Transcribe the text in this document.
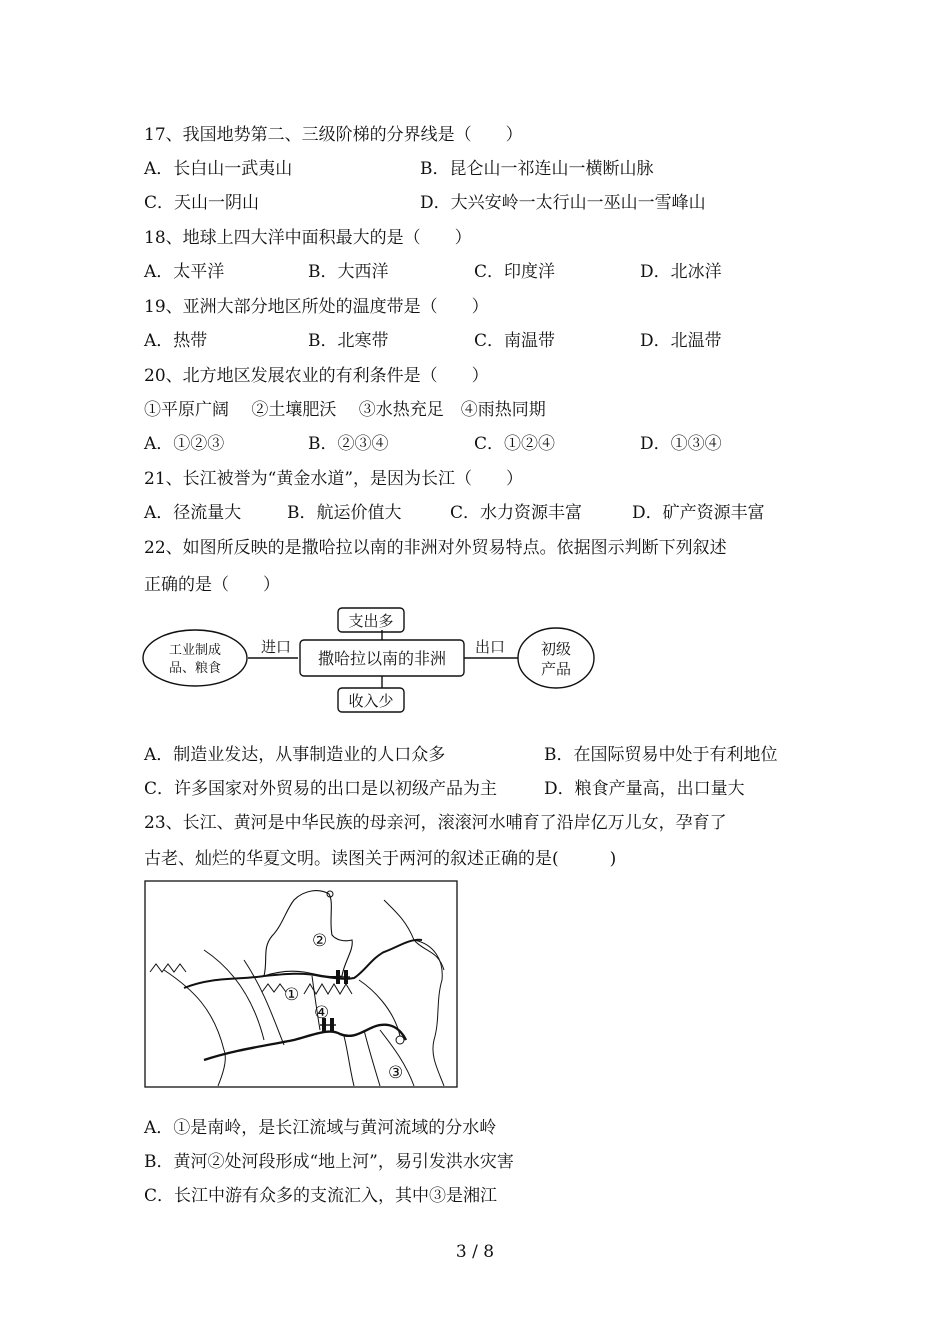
17、我国地势第二、三级阶梯的分界线是（　　）
A．长白山一武夷山	B．昆仑山一祁连山一横断山脉
C．天山一阴山	D．大兴安岭一太行山一巫山一雪峰山
18、地球上四大洋中面积最大的是（　　）
A．太平洋	B．大西洋	C．印度洋	D．北冰洋
19、亚洲大部分地区所处的温度带是（　　）
A．热带	B．北寒带	C．南温带	D．北温带
20、北方地区发展农业的有利条件是（　　）
①平原广阔　 ②土壤肥沃　 ③水热充足　④雨热同期
A．①②③	B．②③④	C．①②④	D．①③④
21、长江被誉为“黄金水道”，是因为长江（　　）
A．径流量大	B．航运价值大	C．水力资源丰富	D．矿产资源丰富
22、如图所反映的是撒哈拉以南的非洲对外贸易特点。依据图示判断下列叙述
正确的是（　　）
工业制成
品、粮食
进口
撒哈拉以南的非洲
出口 初级
产品
支出多
收入少
A．制造业发达，从事制造业的人口众多	B．在国际贸易中处于有利地位
C．许多国家对外贸易的出口是以初级产品为主	D．粮食产量高，出口量大
23、长江、黄河是中华民族的母亲河，滚滚河水哺育了沿岸亿万儿女，孕育了
古老、灿烂的华夏文明。读图关于两河的叙述正确的是(　　　)
①
②
③
④
A．①是南岭，是长江流域与黄河流域的分水岭
B．黄河②处河段形成“地上河”，易引发洪水灾害
C．长江中游有众多的支流汇入，其中③是湘江
3 / 8
